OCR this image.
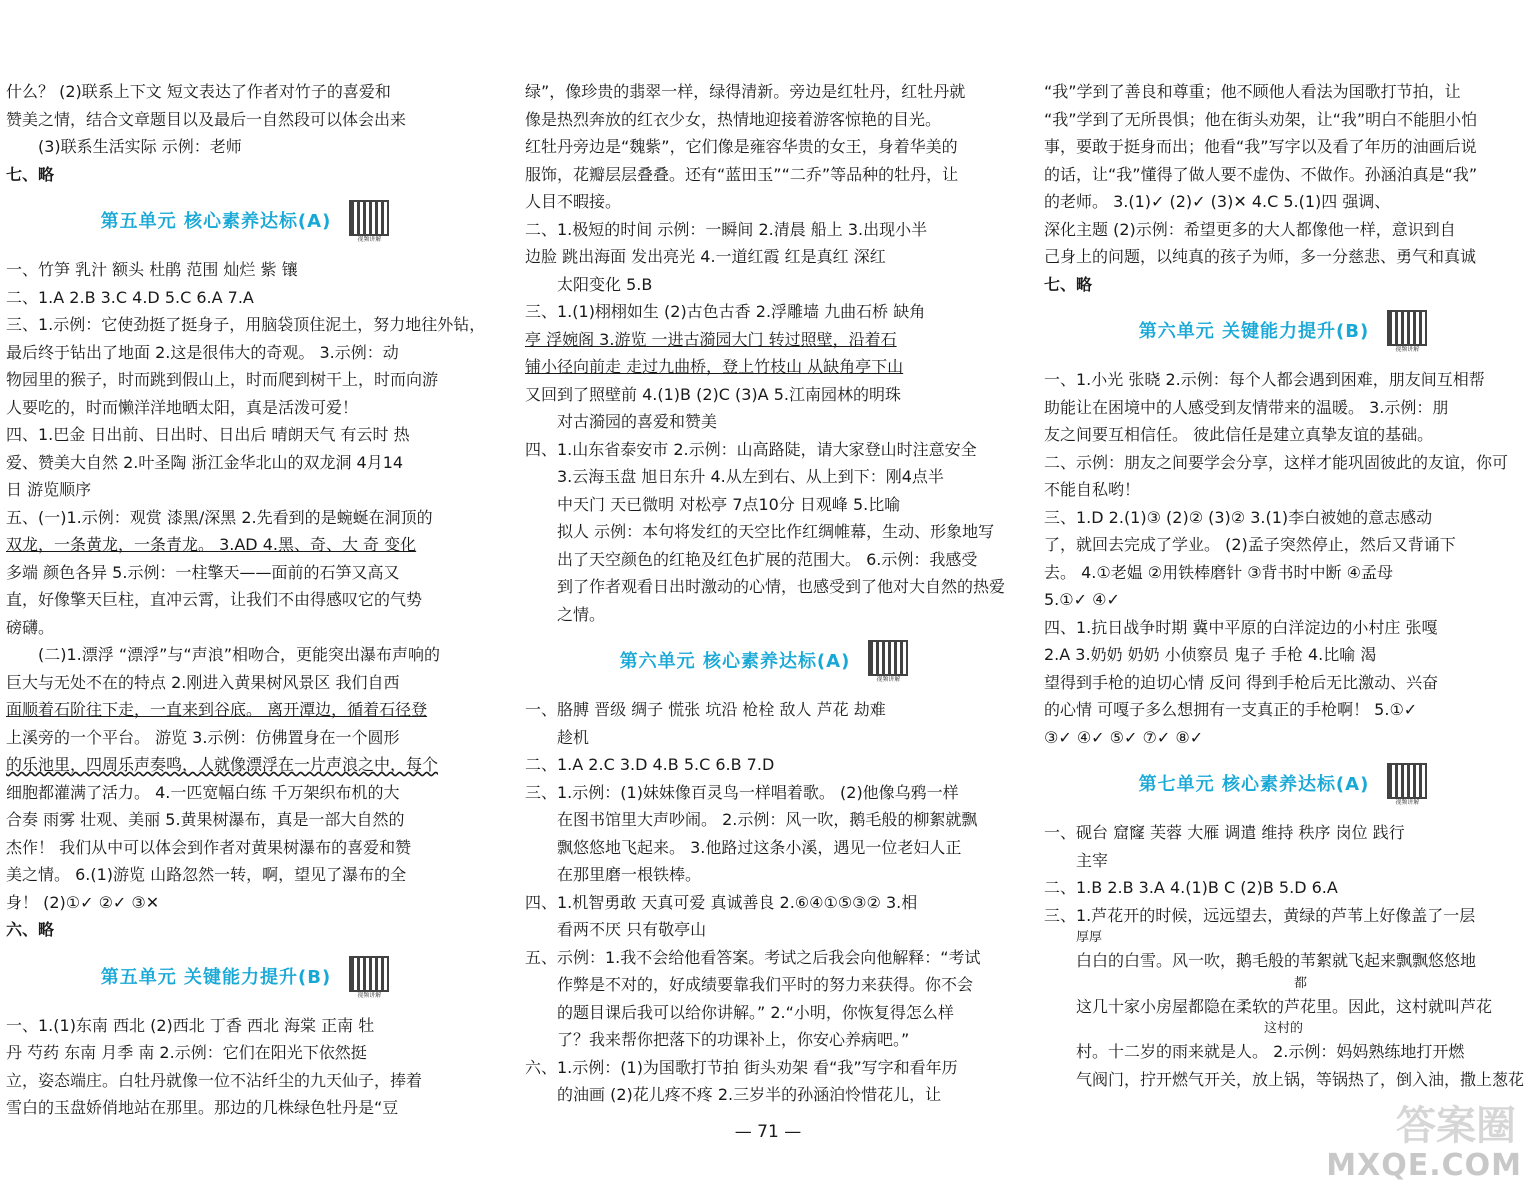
什么？ (2)联系上下文 短文表达了作者对竹子的喜爱和

赞美之情，结合文章题目以及最后一自然段可以体会出来

(3)联系生活实际 示例：老师

七、略

第五单元 核心素养达标(A)
视频讲解

一、竹笋 乳汁 额头 杜鹃 范围 灿烂 紫 镶

二、1.A 2.B 3.C 4.D 5.C 6.A 7.A

三、1.示例：它使劲挺了挺身子，用脑袋顶住泥土，努力地往外钻，

最后终于钻出了地面 2.这是很伟大的奇观。 3.示例：动

物园里的猴子，时而跳到假山上，时而爬到树干上，时而向游

人要吃的，时而懒洋洋地晒太阳，真是活泼可爱！

四、1.巴金 日出前、日出时、日出后 晴朗天气 有云时 热

爱、赞美大自然 2.叶圣陶 浙江金华北山的双龙洞 4月14

日 游览顺序

五、(一)1.示例：观赏 漆黑/深黑 2.先看到的是蜿蜒在洞顶的

双龙，一条黄龙，一条青龙。 3.AD 4.黑、奇、大 奇 变化

多端 颜色各异 5.示例：一柱擎天——面前的石笋又高又

直，好像擎天巨柱，直冲云霄，让我们不由得感叹它的气势

磅礴。

(二)1.漂浮 “漂浮”与“声浪”相吻合，更能突出瀑布声响的

巨大与无处不在的特点 2.刚进入黄果树风景区 我们自西

面顺着石阶往下走，一直来到谷底。 离开潭边，循着石径登

上溪旁的一个平台。 游览 3.示例：仿佛置身在一个圆形

的乐池里，四周乐声奏鸣，人就像漂浮在一片声浪之中，每个

细胞都灌满了活力。 4.一匹宽幅白练 千万架织布机的大

合奏 雨雾 壮观、美丽 5.黄果树瀑布，真是一部大自然的

杰作！ 我们从中可以体会到作者对黄果树瀑布的喜爱和赞

美之情。 6.(1)游览 山路忽然一转，啊，望见了瀑布的全

身！ (2)①✓ ②✓ ③✕

六、略

第五单元 关键能力提升(B)
视频讲解

一、1.(1)东南 西北 (2)西北 丁香 西北 海棠 正南 牡

丹 芍药 东南 月季 南 2.示例：它们在阳光下依然挺

立，姿态端庄。白牡丹就像一位不沾纤尘的九天仙子，捧着

雪白的玉盘娇俏地站在那里。那边的几株绿色牡丹是“豆

绿”，像珍贵的翡翠一样，绿得清新。旁边是红牡丹，红牡丹就

像是热烈奔放的红衣少女，热情地迎接着游客惊艳的目光。

红牡丹旁边是“魏紫”，它们像是雍容华贵的女王，身着华美的

服饰，花瓣层层叠叠。还有“蓝田玉”“二乔”等品种的牡丹，让

人目不暇接。

二、1.极短的时间 示例：一瞬间 2.清晨 船上 3.出现小半

边脸 跳出海面 发出亮光 4.一道红霞 红是真红 深红

太阳变化 5.B

三、1.(1)栩栩如生 (2)古色古香 2.浮雕墙 九曲石桥 缺角

亭 浮婉阁 3.游览 一进古漪园大门 转过照壁，沿着石

铺小径向前走 走过九曲桥，登上竹枝山 从缺角亭下山

又回到了照壁前 4.(1)B (2)C (3)A 5.江南园林的明珠

对古漪园的喜爱和赞美

四、1.山东省泰安市 2.示例：山高路陡，请大家登山时注意安全

3.云海玉盘 旭日东升 4.从左到右、从上到下：刚4点半

中天门 天已微明 对松亭 7点10分 日观峰 5.比喻

拟人 示例：本句将发红的天空比作红绸帷幕，生动、形象地写

出了天空颜色的红艳及红色扩展的范围大。 6.示例：我感受

到了作者观看日出时激动的心情，也感受到了他对大自然的热爱

之情。

第六单元 核心素养达标(A)
视频讲解

一、胳膊 晋级 绸子 慌张 坑沿 枪栓 敌人 芦花 劫难

趁机

二、1.A 2.C 3.D 4.B 5.C 6.B 7.D

三、1.示例：(1)妹妹像百灵鸟一样唱着歌。 (2)他像乌鸦一样

在图书馆里大声吵闹。 2.示例：风一吹，鹅毛般的柳絮就飘

飘悠悠地飞起来。 3.他路过这条小溪，遇见一位老妇人正

在那里磨一根铁棒。

四、1.机智勇敢 天真可爱 真诚善良 2.⑥④①⑤③② 3.相

看两不厌 只有敬亭山

五、示例：1.我不会给他看答案。考试之后我会向他解释：“考试

作弊是不对的，好成绩要靠我们平时的努力来获得。你不会

的题目课后我可以给你讲解。” 2.“小明，你恢复得怎么样

了？我来帮你把落下的功课补上，你安心养病吧。”

六、1.示例：(1)为国歌打节拍 街头劝架 看“我”写字和看年历

的油画 (2)花儿疼不疼 2.三岁半的孙涵泊怜惜花儿，让

“我”学到了善良和尊重；他不顾他人看法为国歌打节拍，让

“我”学到了无所畏惧；他在街头劝架，让“我”明白不能胆小怕

事，要敢于挺身而出；他看“我”写字以及看了年历的油画后说

的话，让“我”懂得了做人要不虚伪、不做作。孙涵泊真是“我”

的老师。 3.(1)✓ (2)✓ (3)✕ 4.C 5.(1)四 强调、

深化主题 (2)示例：希望更多的大人都像他一样，意识到自

己身上的问题，以纯真的孩子为师，多一分慈悲、勇气和真诚

七、略

第六单元 关键能力提升(B)
视频讲解

一、1.小光 张晓 2.示例：每个人都会遇到困难，朋友间互相帮

助能让在困境中的人感受到友情带来的温暖。 3.示例：朋

友之间要互相信任。 彼此信任是建立真挚友谊的基础。

二、示例：朋友之间要学会分享，这样才能巩固彼此的友谊，你可

不能自私哟！

三、1.D 2.(1)③ (2)② (3)② 3.(1)李白被她的意志感动

了，就回去完成了学业。 (2)孟子突然停止，然后又背诵下

去。 4.①老媪 ②用铁棒磨针 ③背书时中断 ④孟母

5.①✓ ④✓

四、1.抗日战争时期 冀中平原的白洋淀边的小村庄 张嘎

2.A 3.奶奶 奶奶 小侦察员 鬼子 手枪 4.比喻 渴

望得到手枪的迫切心情 反问 得到手枪后无比激动、兴奋

的心情 可嘎子多么想拥有一支真正的手枪啊！ 5.①✓

③✓ ④✓ ⑤✓ ⑦✓ ⑧✓

第七单元 核心素养达标(A)
视频讲解

一、砚台 窟窿 芙蓉 大雁 调遣 维持 秩序 岗位 践行

主宰

二、1.B 2.B 3.A 4.(1)B C (2)B 5.D 6.A

三、1.芦花开的时候，远远望去，黄绿的芦苇上好像盖了一层

厚厚

白白的白雪。风一吹，鹅毛般的苇絮就飞起来飘飘悠悠地

都

这几十家小房屋都隐在柔软的芦花里。因此，这村就叫芦花

这村的

村。十二岁的雨来就是人。 2.示例：妈妈熟练地打开燃

气阀门，拧开燃气开关，放上锅，等锅热了，倒入油，撒上葱花

— 71 —	答案圈
MXQE.COM
